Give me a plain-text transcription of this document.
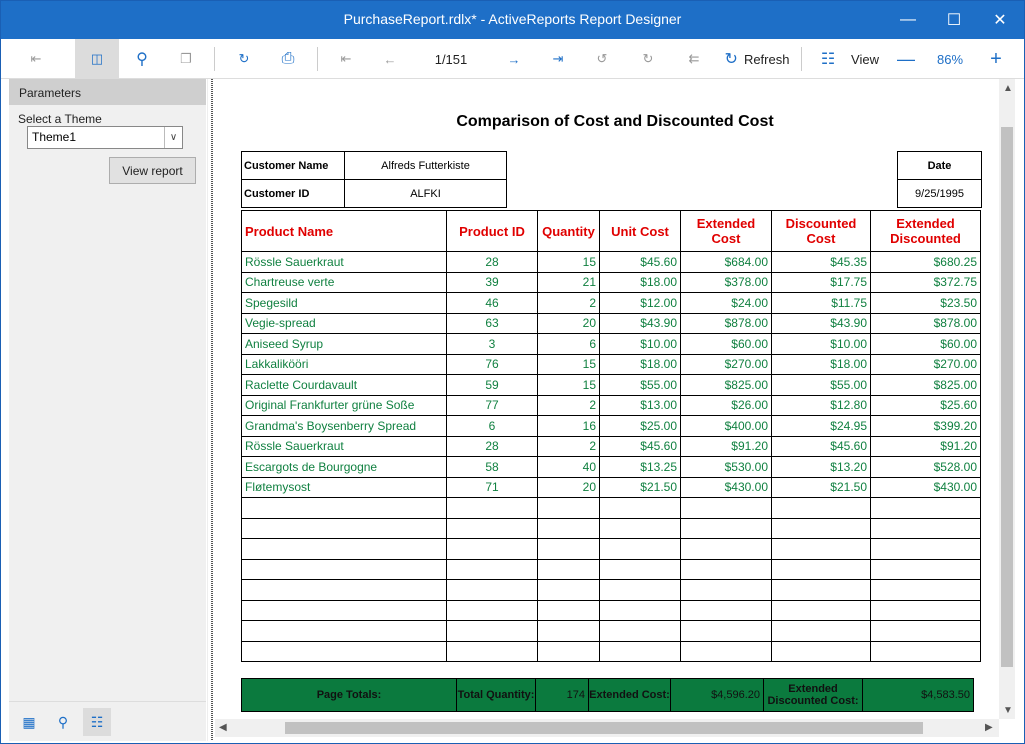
PurchaseReport.rdlx* - ActiveReports Report Designer	—	☐	✕
⇤	◫	⚲	❐	↻	⎙	⇤	←	1/151	→	⇥	↺	↻	⇇	↻ Refresh	☷	View	—	86%	+
Parameters
Select a Theme
Theme1	∨
View report
▦	⚲	☷
Comparison of Cost and Discounted Cost
Customer Name	Alfreds Futterkiste
Customer ID	ALFKI
Date
9/25/1995
Product Name	Product ID	Quantity	Unit Cost	Extended Cost	Discounted Cost	Extended Discounted
Rössle Sauerkraut	28	15	$45.60	$684.00	$45.35	$680.25
Chartreuse verte	39	21	$18.00	$378.00	$17.75	$372.75
Spegesild	46	2	$12.00	$24.00	$11.75	$23.50
Vegie-spread	63	20	$43.90	$878.00	$43.90	$878.00
Aniseed Syrup	3	6	$10.00	$60.00	$10.00	$60.00
Lakkalikööri	76	15	$18.00	$270.00	$18.00	$270.00
Raclette Courdavault	59	15	$55.00	$825.00	$55.00	$825.00
Original Frankfurter grüne Soße	77	2	$13.00	$26.00	$12.80	$25.60
Grandma's Boysenberry Spread	6	16	$25.00	$400.00	$24.95	$399.20
Rössle Sauerkraut	28	2	$45.60	$91.20	$45.60	$91.20
Escargots de Bourgogne	58	40	$13.25	$530.00	$13.20	$528.00
Fløtemysost	71	20	$21.50	$430.00	$21.50	$430.00

Page Totals:	Total Quantity:	174	Extended Cost:	$4,596.20	Extended Discounted Cost:	$4,583.50
▲
▼
◀	▶
